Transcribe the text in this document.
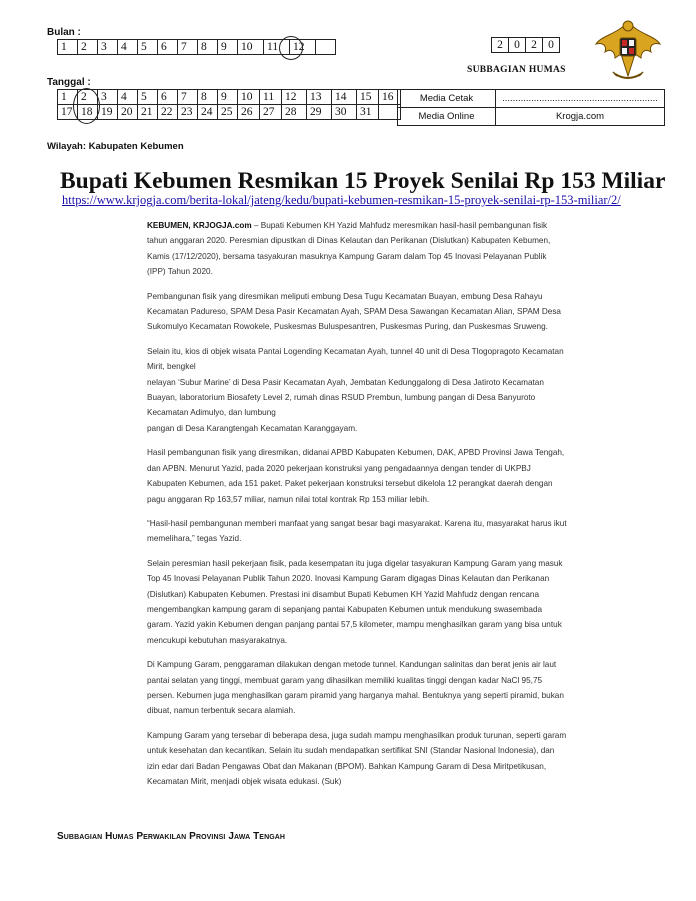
Bulan :
1	2	3	4	5	6	7	8	9	10	11	12		2	0	2	0
SUBBAGIAN HUMAS
Tanggal :
1	2	3	4	5	6	7	8	9	10	11	12	13	14	15	16
17	18	19	20	21	22	23	24	25	26	27	28	29	30	31	
Media Cetak	...........................................................
Media Online	Krogja.com
Wilayah: Kabupaten Kebumen
Bupati Kebumen Resmikan 15 Proyek Senilai Rp 153 Miliar
https://www.krjogja.com/berita-lokal/jateng/kedu/bupati-kebumen-resmikan-15-proyek-senilai-rp-153-miliar/2/

KEBUMEN, KRJOGJA.com – Bupati Kebumen KH Yazid Mahfudz meresmikan hasil-hasil pembangunan fisik tahun anggaran 2020. Peresmian dipustkan di Dinas Kelautan dan Perikanan (Dislutkan) Kabupaten Kebumen, Kamis (17/12/2020), bersama tasyakuran masuknya Kampung Garam dalam Top 45 Inovasi Pelayanan Publik (IPP) Tahun 2020.

Pembangunan fisik yang diresmikan meliputi embung Desa Tugu Kecamatan Buayan, embung Desa Rahayu Kecamatan Padureso, SPAM Desa Pasir Kecamatan Ayah, SPAM Desa Sawangan Kecamatan Alian, SPAM Desa Sukomulyo Kecamatan Rowokele, Puskesmas Buluspesantren, Puskesmas Puring, dan Puskesmas Sruweng.

Selain itu, kios di objek wisata Pantai Logending Kecamatan Ayah, tunnel 40 unit di Desa Tlogopragoto Kecamatan Mirit, bengkel

nelayan ‘Subur Marine’ di Desa Pasir Kecamatan Ayah, Jembatan Kedunggalong di Desa Jatiroto Kecamatan Buayan, laboratorium Biosafety Level 2, rumah dinas RSUD Prembun, lumbung pangan di Desa Banyuroto Kecamatan Adimulyo, dan lumbung

pangan di Desa Karangtengah Kecamatan Karanggayam.

Hasil pembangunan fisik yang diresmikan, didanai APBD Kabupaten Kebumen, DAK, APBD Provinsi Jawa Tengah, dan APBN. Menurut Yazid, pada 2020 pekerjaan konstruksi yang pengadaannya dengan tender di UKPBJ Kabupaten Kebumen, ada 151 paket. Paket pekerjaan konstruksi tersebut dikelola 12 perangkat daerah dengan pagu anggaran Rp 163,57 miliar, namun nilai total kontrak Rp 153 miliar lebih.

“Hasil-hasil pembangunan memberi manfaat yang sangat besar bagi masyarakat. Karena itu, masyarakat harus ikut memelihara,” tegas Yazid.

Selain peresmian hasil pekerjaan fisik, pada kesempatan itu juga digelar tasyakuran Kampung Garam yang masuk Top 45 Inovasi Pelayanan Publik Tahun 2020. Inovasi Kampung Garam digagas Dinas Kelautan dan Perikanan (Dislutkan) Kabupaten Kebumen. Prestasi ini disambut Bupati Kebumen KH Yazid Mahfudz dengan rencana mengembangkan kampung garam di sepanjang pantai Kabupaten Kebumen untuk mendukung swasembada garam. Yazid yakin Kebumen dengan panjang pantai 57,5 kilometer, mampu menghasilkan garam yang bisa untuk mencukupi kebutuhan masyarakatnya.

Di Kampung Garam, penggaraman dilakukan dengan metode tunnel. Kandungan salinitas dan berat jenis air laut pantai selatan yang tinggi, membuat garam yang dihasilkan memiliki kualitas tinggi dengan kadar NaCl 95,75 persen. Kebumen juga menghasilkan garam piramid yang harganya mahal. Bentuknya yang seperti piramid, bukan dibuat, namun terbentuk secara alamiah.

Kampung Garam yang tersebar di beberapa desa, juga sudah mampu menghasilkan produk turunan, seperti garam untuk kesehatan dan kecantikan. Selain itu sudah mendapatkan sertifikat SNI (Standar Nasional Indonesia), dan izin edar dari Badan Pengawas Obat dan Makanan (BPOM). Bahkan Kampung Garam di Desa Miritpetikusan, Kecamatan Mirit, menjadi objek wisata edukasi. (Suk)

Subbagian Humas Perwakilan Provinsi Jawa Tengah
